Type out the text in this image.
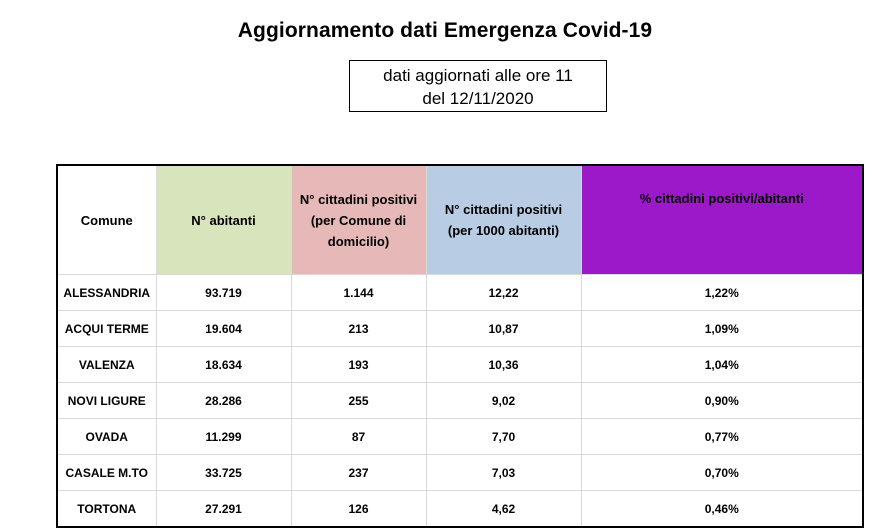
Aggiornamento dati Emergenza Covid-19
dati aggiornati alle ore 11
del 12/11/2020
Comune	N° abitanti	N° cittadini positivi (per Comune di domicilio)	N° cittadini positivi (per 1000 abitanti)	% cittadini positivi/abitanti
ALESSANDRIA	93.719	1.144	12,22	1,22%
ACQUI TERME	19.604	213	10,87	1,09%
VALENZA	18.634	193	10,36	1,04%
NOVI LIGURE	28.286	255	9,02	0,90%
OVADA	11.299	87	7,70	0,77%
CASALE M.TO	33.725	237	7,03	0,70%
TORTONA	27.291	126	4,62	0,46%
